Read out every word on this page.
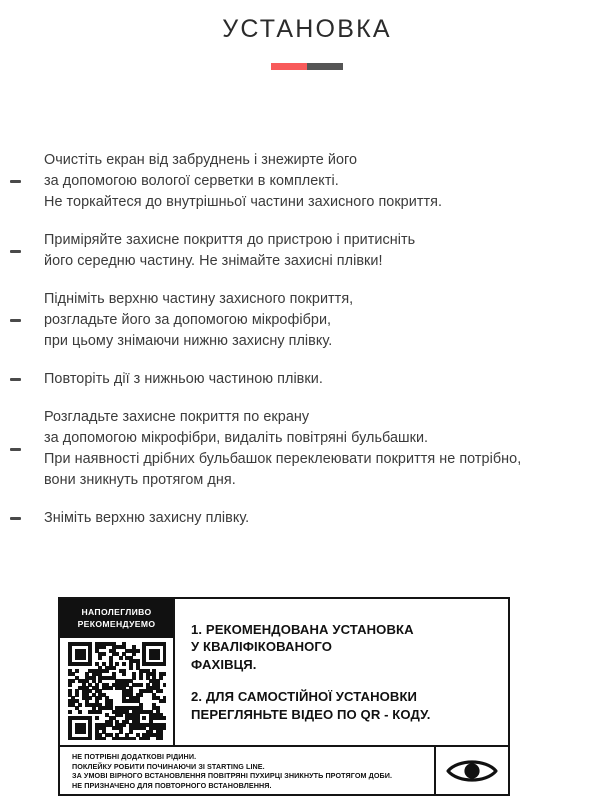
УСТАНОВКА
Очистіть екран від забруднень і знежирте його
за допомогою вологої серветки в комплекті.
Не торкайтеся до внутрішньої частини захисного покриття.
Приміряйте захисне покриття до пристрою і притисніть
його середню частину. Не знімайте захисні плівки!
Підніміть верхню частину захисного покриття,
розгладьте його за допомогою мікрофібри,
при цьому знімаючи нижню захисну плівку.
Повторіть дії з нижньою частиною плівки.
Розгладьте захисне покриття по екрану
за допомогою мікрофібри, видаліть повітряні бульбашки.
При наявності дрібних бульбашок переклеювати покриття не потрібно,
вони зникнуть протягом дня.
Зніміть верхню захисну плівку.
НАПОЛЕГЛИВО
РЕКОМЕНДУЕМО	1. РЕКОМЕНДОВАНА УСТАНОВКА
У КВАЛІФІКОВАНОГО
ФАХІВЦЯ.
2. ДЛЯ САМОСТІЙНОЇ УСТАНОВКИ
ПЕРЕГЛЯНЬТЕ ВІДЕО ПО QR - КОДУ.
НЕ ПОТРІБНІ ДОДАТКОВІ РІДИНИ.
ПОКЛЕЙКУ РОБИТИ ПОЧИНАЮЧИ ЗІ STARTING LINE.
ЗА УМОВІ ВІРНОГО ВСТАНОВЛЕННЯ ПОВІТРЯНІ ПУХИРЦІ ЗНИКНУТЬ ПРОТЯГОМ ДОБИ.
НЕ ПРИЗНАЧЕНО ДЛЯ ПОВТОРНОГО ВСТАНОВЛЕННЯ.
